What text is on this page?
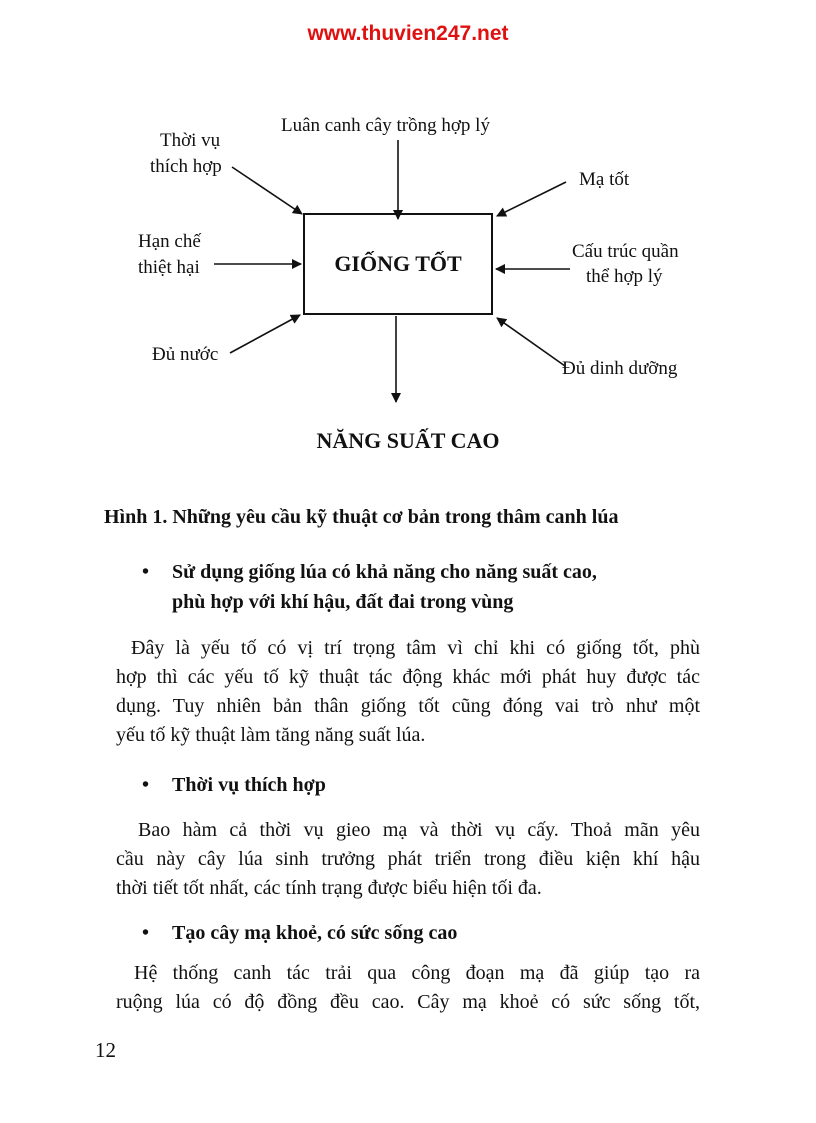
www.thuvien247.net
Luân canh cây trồng hợp lý
Thời vụ
thích hợp
Hạn chế
thiệt hại
Đủ nước
Mạ tốt
Cấu trúc quần
thể hợp lý
Đủ dinh dưỡng
GIỐNG TỐT
NĂNG SUẤT CAO
Hình 1. Những yêu cầu kỹ thuật cơ bản trong thâm canh lúa
• Sử dụng giống lúa có khả năng cho năng suất cao,
phù hợp với khí hậu, đất đai trong vùng
Đây là yếu tố có vị trí trọng tâm vì chỉ khi có giống tốt, phù
hợp thì các yếu tố kỹ thuật tác động khác mới phát huy được tác
dụng. Tuy nhiên bản thân giống tốt cũng đóng vai trò như một
yếu tố kỹ thuật làm tăng năng suất lúa.
• Thời vụ thích hợp
Bao hàm cả thời vụ gieo mạ và thời vụ cấy. Thoả mãn yêu
cầu này cây lúa sinh trưởng phát triển trong điều kiện khí hậu
thời tiết tốt nhất, các tính trạng được biểu hiện tối đa.
• Tạo cây mạ khoẻ, có sức sống cao
Hệ thống canh tác trải qua công đoạn mạ đã giúp tạo ra
ruộng lúa có độ đồng đều cao. Cây mạ khoẻ có sức sống tốt,
12
